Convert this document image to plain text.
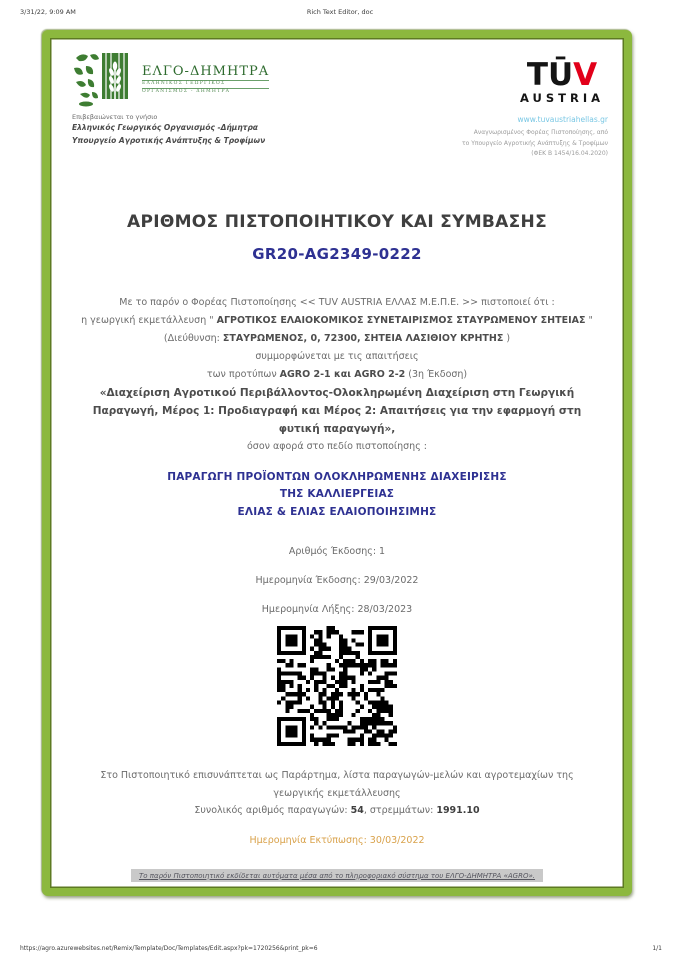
3/31/22, 9:09 AM	Rich Text Editor, doc
https://agro.azurewebsites.net/Remix/Template/Doc/Templates/Edit.aspx?pk=1720256&print_pk=6	1/1
ΕΛΓΟ-ΔΗΜΗΤΡΑ
ΕΛΛΗΝΙΚΟΣ ΓΕΩΡΓΙΚΟΣ
ΟΡΓΑΝΙΣΜΟΣ - ΔΗΜΗΤΡΑ
Επιβεβαιώνεται το γνήσιο
Ελληνικός Γεωργικός Οργανισμός -Δήμητρα
Υπουργείο Αγροτικής Ανάπτυξης & Τροφίμων
TŪV
AUSTRIA
www.tuvaustriahellas.gr
Αναγνωρισμένος Φορέας Πιστοποίησης, από
το Υπουργείο Αγροτικής Ανάπτυξης & Τροφίμων
(ΦΕΚ Β 1454/16.04.2020)
ΑΡΙΘΜΟΣ ΠΙΣΤΟΠΟΙΗΤΙΚΟΥ ΚΑΙ ΣΥΜΒΑΣΗΣ
GR20-AG2349-0222
Με το παρόν ο Φορέας Πιστοποίησης << TUV AUSTRIA ΕΛΛΑΣ Μ.Ε.Π.Ε. >> πιστοποιεί ότι :
η γεωργική εκμετάλλευση " ΑΓΡΟΤΙΚΟΣ ΕΛΑΙΟΚΟΜΙΚΟΣ ΣΥΝΕΤΑΙΡΙΣΜΟΣ ΣΤΑΥΡΩΜΕΝΟΥ ΣΗΤΕΙΑΣ "
(Διεύθυνση: ΣΤΑΥΡΩΜΕΝΟΣ, 0, 72300, ΣΗΤΕΙΑ ΛΑΣΙΘΙΟΥ ΚΡΗΤΗΣ )
συμμορφώνεται με τις απαιτήσεις
των προτύπων AGRO 2-1 και AGRO 2-2 (3η Έκδοση)
«Διαχείριση Αγροτικού Περιβάλλοντος-Ολοκληρωμένη Διαχείριση στη Γεωργική Παραγωγή, Μέρος 1: Προδιαγραφή και Μέρος 2: Απαιτήσεις για την εφαρμογή στη φυτική παραγωγή»,
όσον αφορά στο πεδίο πιστοποίησης :
ΠΑΡΑΓΩΓΗ ΠΡΟΪΟΝΤΩΝ ΟΛΟΚΛΗΡΩΜΕΝΗΣ ΔΙΑΧΕΙΡΙΣΗΣ
ΤΗΣ ΚΑΛΛΙΕΡΓΕΙΑΣ
ΕΛΙΑΣ & ΕΛΙΑΣ ΕΛΑΙΟΠΟΙΗΣΙΜΗΣ
Αριθμός Έκδοσης: 1
Ημερομηνία Έκδοσης: 29/03/2022
Ημερομηνία Λήξης: 28/03/2023
Στο Πιστοποιητικό επισυνάπτεται ως Παράρτημα, λίστα παραγωγών-μελών και αγροτεμαχίων της
γεωργικής εκμετάλλευσης
Συνολικός αριθμός παραγωγών: 54, στρεμμάτων: 1991.10
Ημερομηνία Εκτύπωσης: 30/03/2022
Το παρόν Πιστοποιητικό εκδίδεται αυτόματα μέσα από το πληροφοριακό σύστημα του ΕΛΓΟ-ΔΗΜΗΤΡΑ «AGRO».
